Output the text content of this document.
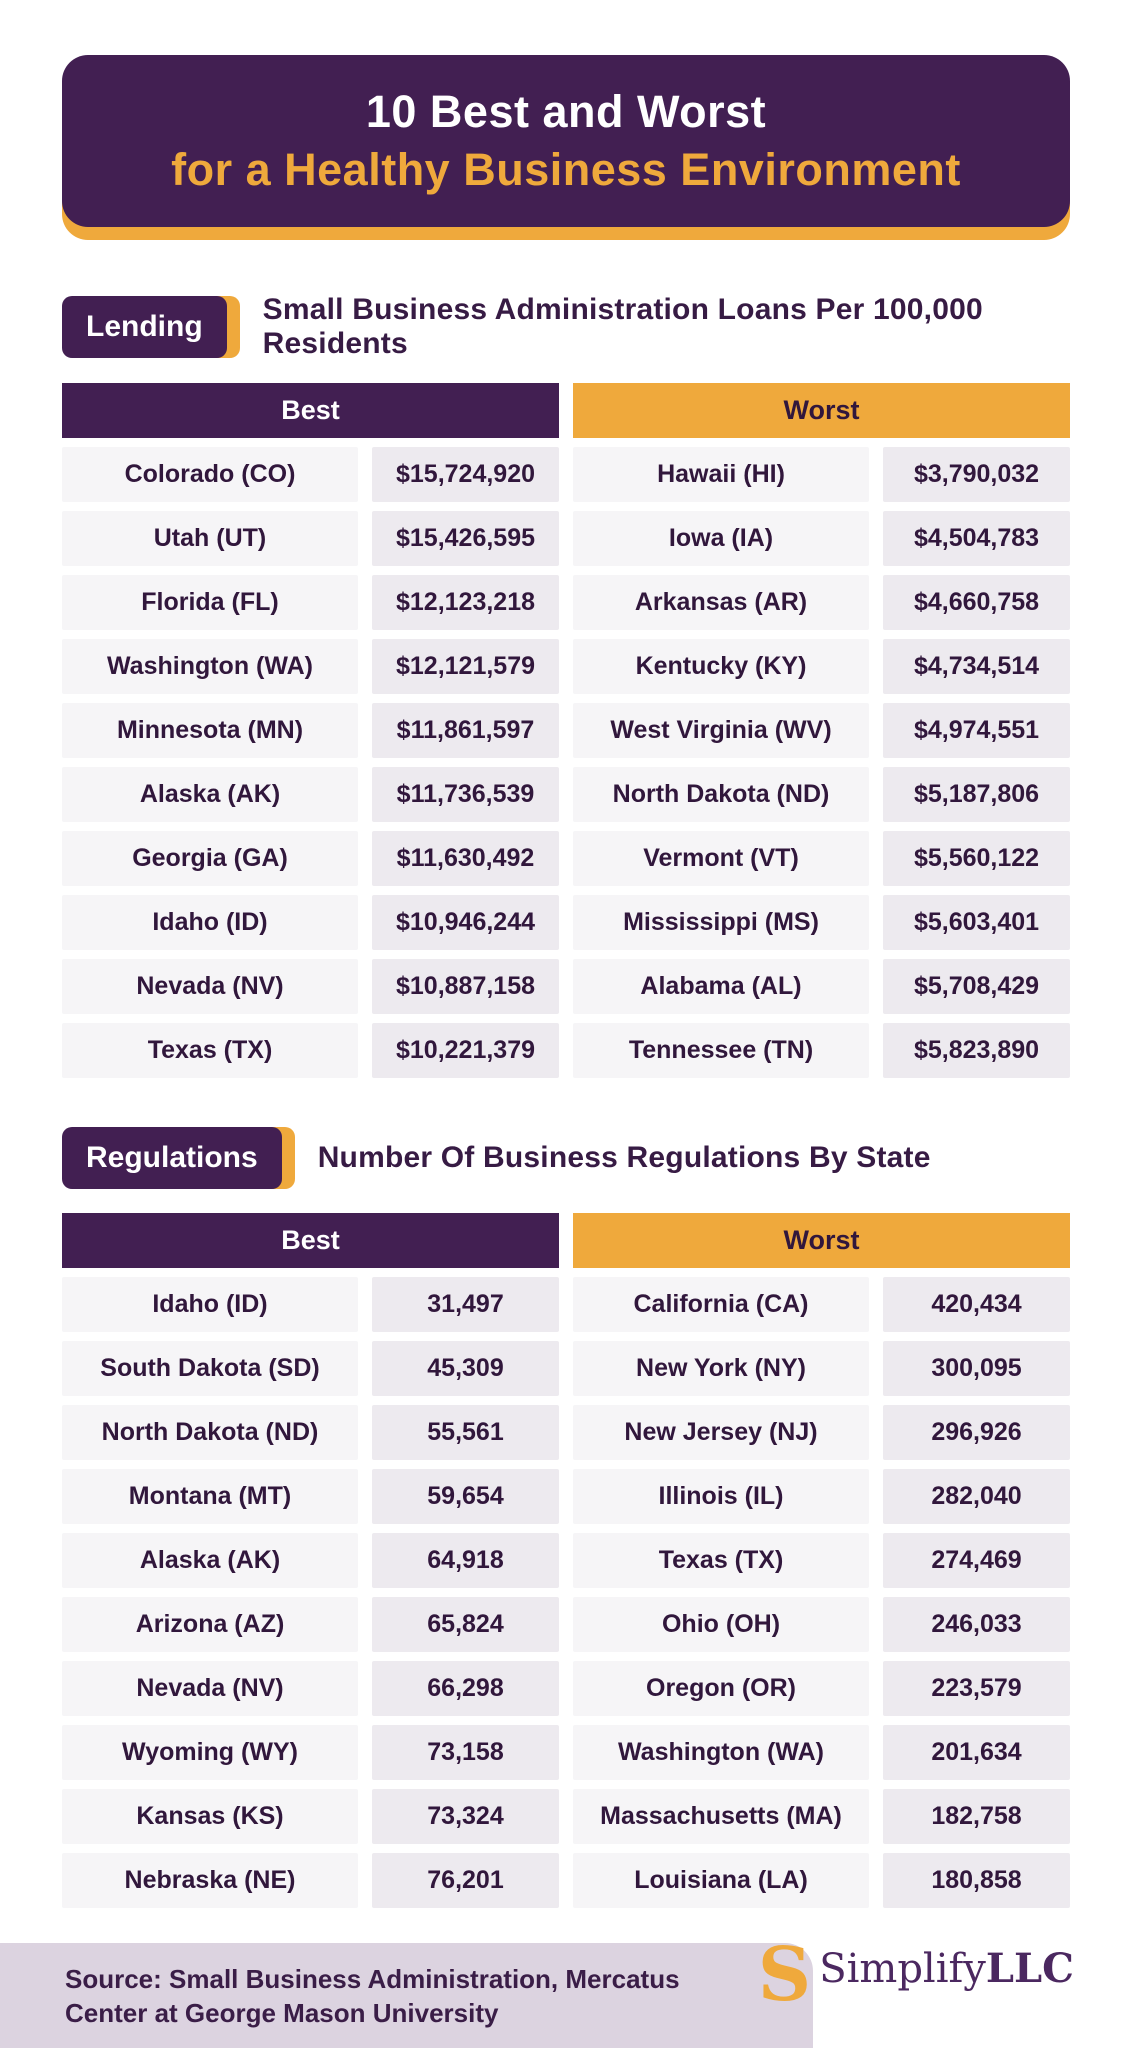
10 Best and Worst
for a Healthy Business Environment
Lending
Small Business Administration Loans Per 100,000 Residents
Best	Worst
Colorado (CO)	$15,724,920	Hawaii (HI)	$3,790,032
Utah (UT)	$15,426,595	Iowa (IA)	$4,504,783
Florida (FL)	$12,123,218	Arkansas (AR)	$4,660,758
Washington (WA)	$12,121,579	Kentucky (KY)	$4,734,514
Minnesota (MN)	$11,861,597	West Virginia (WV)	$4,974,551
Alaska (AK)	$11,736,539	North Dakota (ND)	$5,187,806
Georgia (GA)	$11,630,492	Vermont (VT)	$5,560,122
Idaho (ID)	$10,946,244	Mississippi (MS)	$5,603,401
Nevada (NV)	$10,887,158	Alabama (AL)	$5,708,429
Texas (TX)	$10,221,379	Tennessee (TN)	$5,823,890
Regulations	Number Of Business Regulations By State
Best	Worst
Idaho (ID)	31,497	California (CA)	420,434
South Dakota (SD)	45,309	New York (NY)	300,095
North Dakota (ND)	55,561	New Jersey (NJ)	296,926
Montana (MT)	59,654	Illinois (IL)	282,040
Alaska (AK)	64,918	Texas (TX)	274,469
Arizona (AZ)	65,824	Ohio (OH)	246,033
Nevada (NV)	66,298	Oregon (OR)	223,579
Wyoming (WY)	73,158	Washington (WA)	201,634
Kansas (KS)	73,324	Massachusetts (MA)	182,758
Nebraska (NE)	76,201	Louisiana (LA)	180,858
Source: Small Business Administration, Mercatus Center at George Mason University	S SimplifyLLC
